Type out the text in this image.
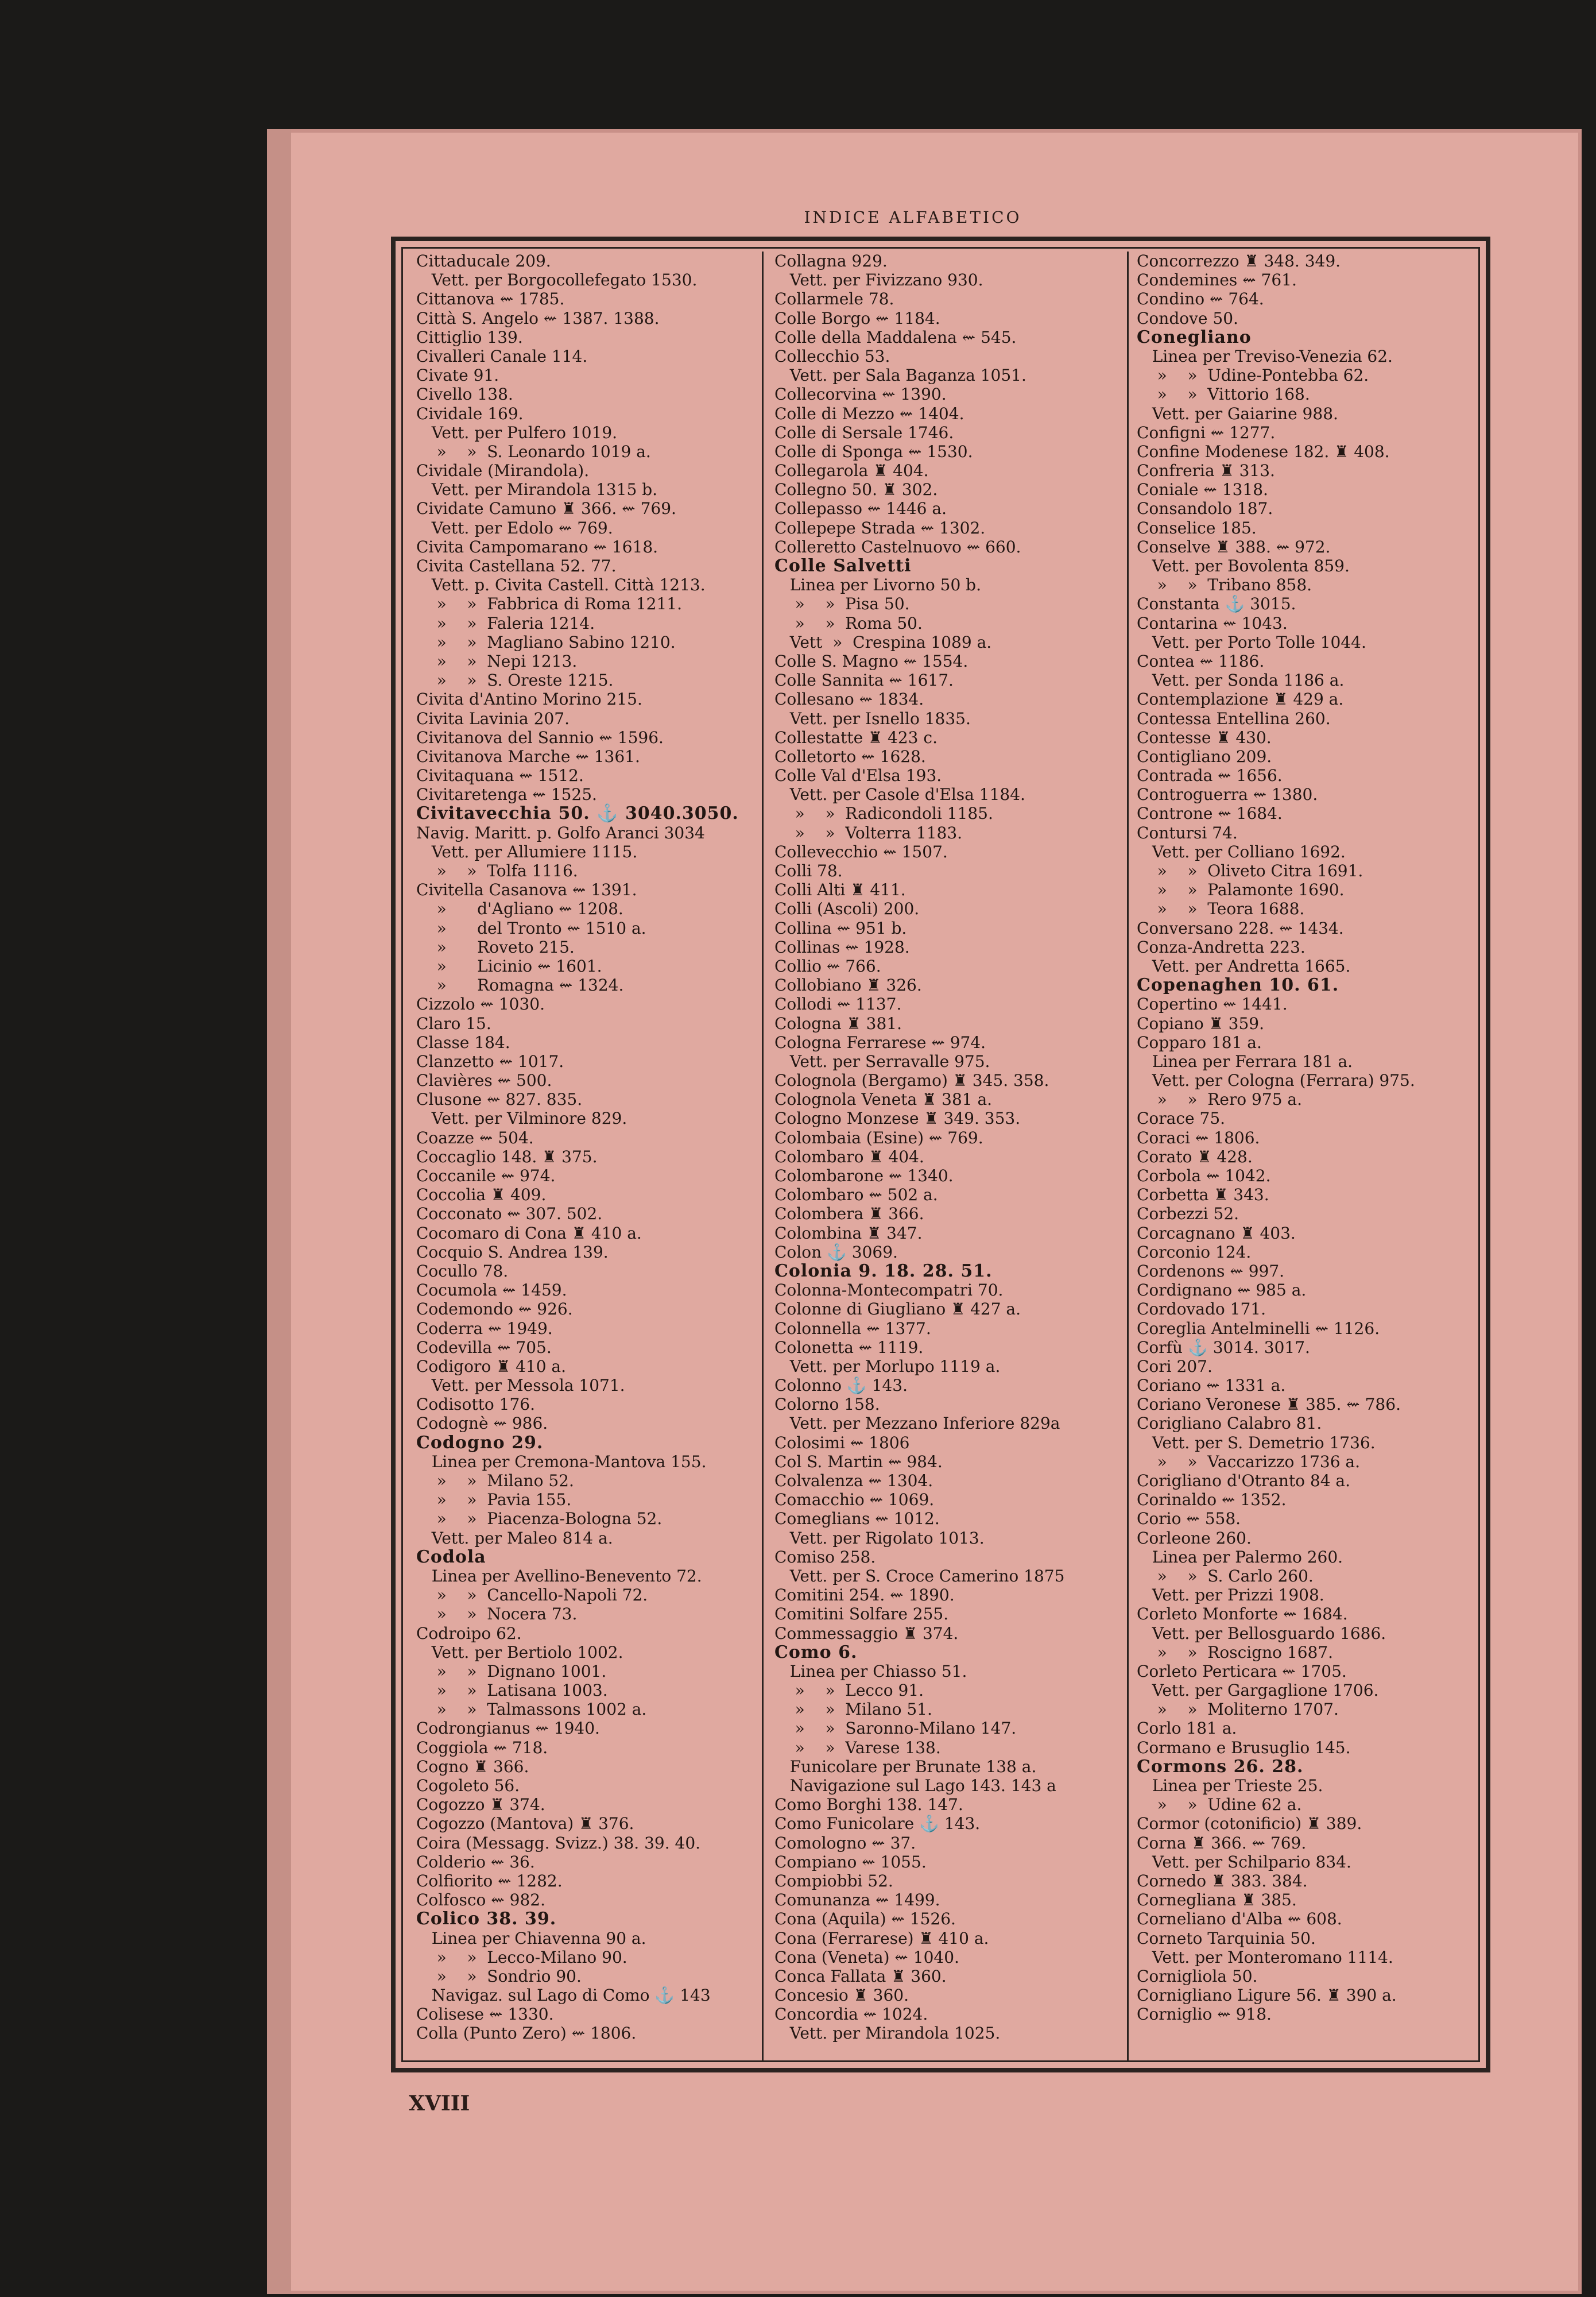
INDICE ALFABETICO
Cittaducale 209.
Vett. per Borgocollefegato 1530.
Cittanova ⇜ 1785.
Città S. Angelo ⇜ 1387. 1388.
Cittiglio 139.
Civalleri Canale 114.
Civate 91.
Civello 138.
Cividale 169.
Vett. per Pulfero 1019.
»    »  S. Leonardo 1019 a.
Cividale (Mirandola).
Vett. per Mirandola 1315 b.
Cividate Camuno ♜ 366. ⇜ 769.
Vett. per Edolo ⇜ 769.
Civita Campomarano ⇜ 1618.
Civita Castellana 52. 77.
Vett. p. Civita Castell. Città 1213.
»    »  Fabbrica di Roma 1211.
»    »  Faleria 1214.
»    »  Magliano Sabino 1210.
»    »  Nepi 1213.
»    »  S. Oreste 1215.
Civita d'Antino Morino 215.
Civita Lavinia 207.
Civitanova del Sannio ⇜ 1596.
Civitanova Marche ⇜ 1361.
Civitaquana ⇜ 1512.
Civitaretenga ⇜ 1525.
Civitavecchia 50. ⚓ 3040.3050.
Navig. Maritt. p. Golfo Aranci 3034
Vett. per Allumiere 1115.
»    »  Tolfa 1116.
Civitella Casanova ⇜ 1391.
»      d'Agliano ⇜ 1208.
»      del Tronto ⇜ 1510 a.
»      Roveto 215.
»      Licinio ⇜ 1601.
»      Romagna ⇜ 1324.
Cizzolo ⇜ 1030.
Claro 15.
Classe 184.
Clanzetto ⇜ 1017.
Clavières ⇜ 500.
Clusone ⇜ 827. 835.
Vett. per Vilminore 829.
Coazze ⇜ 504.
Coccaglio 148. ♜ 375.
Coccanile ⇜ 974.
Coccolia ♜ 409.
Cocconato ⇜ 307. 502.
Cocomaro di Cona ♜ 410 a.
Cocquio S. Andrea 139.
Cocullo 78.
Cocumola ⇜ 1459.
Codemondo ⇜ 926.
Coderra ⇜ 1949.
Codevilla ⇜ 705.
Codigoro ♜ 410 a.
Vett. per Messola 1071.
Codisotto 176.
Codognè ⇜ 986.
Codogno 29.
Linea per Cremona-Mantova 155.
»    »  Milano 52.
»    »  Pavia 155.
»    »  Piacenza-Bologna 52.
Vett. per Maleo 814 a.
Codola
Linea per Avellino-Benevento 72.
»    »  Cancello-Napoli 72.
»    »  Nocera 73.
Codroipo 62.
Vett. per Bertiolo 1002.
»    »  Dignano 1001.
»    »  Latisana 1003.
»    »  Talmassons 1002 a.
Codrongianus ⇜ 1940.
Coggiola ⇜ 718.
Cogno ♜ 366.
Cogoleto 56.
Cogozzo ♜ 374.
Cogozzo (Mantova) ♜ 376.
Coira (Messagg. Svizz.) 38. 39. 40.
Colderio ⇜ 36.
Colfiorito ⇜ 1282.
Colfosco ⇜ 982.
Colico 38. 39.
Linea per Chiavenna 90 a.
»    »  Lecco-Milano 90.
»    »  Sondrio 90.
Navigaz. sul Lago di Como ⚓ 143
Colisese ⇜ 1330.
Colla (Punto Zero) ⇜ 1806.
Collagna 929.
Vett. per Fivizzano 930.
Collarmele 78.
Colle Borgo ⇜ 1184.
Colle della Maddalena ⇜ 545.
Collecchio 53.
Vett. per Sala Baganza 1051.
Collecorvina ⇜ 1390.
Colle di Mezzo ⇜ 1404.
Colle di Sersale 1746.
Colle di Sponga ⇜ 1530.
Collegarola ♜ 404.
Collegno 50. ♜ 302.
Collepasso ⇜ 1446 a.
Collepepe Strada ⇜ 1302.
Colleretto Castelnuovo ⇜ 660.
Colle Salvetti
Linea per Livorno 50 b.
»    »  Pisa 50.
»    »  Roma 50.
Vett  »  Crespina 1089 a.
Colle S. Magno ⇜ 1554.
Colle Sannita ⇜ 1617.
Collesano ⇜ 1834.
Vett. per Isnello 1835.
Collestatte ♜ 423 c.
Colletorto ⇜ 1628.
Colle Val d'Elsa 193.
Vett. per Casole d'Elsa 1184.
»    »  Radicondoli 1185.
»    »  Volterra 1183.
Collevecchio ⇜ 1507.
Colli 78.
Colli Alti ♜ 411.
Colli (Ascoli) 200.
Collina ⇜ 951 b.
Collinas ⇜ 1928.
Collio ⇜ 766.
Collobiano ♜ 326.
Collodi ⇜ 1137.
Cologna ♜ 381.
Cologna Ferrarese ⇜ 974.
Vett. per Serravalle 975.
Colognola (Bergamo) ♜ 345. 358.
Colognola Veneta ♜ 381 a.
Cologno Monzese ♜ 349. 353.
Colombaia (Esine) ⇜ 769.
Colombaro ♜ 404.
Colombarone ⇜ 1340.
Colombaro ⇜ 502 a.
Colombera ♜ 366.
Colombina ♜ 347.
Colon ⚓ 3069.
Colonia 9. 18. 28. 51.
Colonna-Montecompatri 70.
Colonne di Giugliano ♜ 427 a.
Colonnella ⇜ 1377.
Colonetta ⇜ 1119.
Vett. per Morlupo 1119 a.
Colonno ⚓ 143.
Colorno 158.
Vett. per Mezzano Inferiore 829a
Colosimi ⇜ 1806
Col S. Martin ⇜ 984.
Colvalenza ⇜ 1304.
Comacchio ⇜ 1069.
Comeglians ⇜ 1012.
Vett. per Rigolato 1013.
Comiso 258.
Vett. per S. Croce Camerino 1875
Comitini 254. ⇜ 1890.
Comitini Solfare 255.
Commessaggio ♜ 374.
Como 6.
Linea per Chiasso 51.
»    »  Lecco 91.
»    »  Milano 51.
»    »  Saronno-Milano 147.
»    »  Varese 138.
Funicolare per Brunate 138 a.
Navigazione sul Lago 143. 143 a
Como Borghi 138. 147.
Como Funicolare ⚓ 143.
Comologno ⇜ 37.
Compiano ⇜ 1055.
Compiobbi 52.
Comunanza ⇜ 1499.
Cona (Aquila) ⇜ 1526.
Cona (Ferrarese) ♜ 410 a.
Cona (Veneta) ⇜ 1040.
Conca Fallata ♜ 360.
Concesio ♜ 360.
Concordia ⇜ 1024.
Vett. per Mirandola 1025.
Concorrezzo ♜ 348. 349.
Condemines ⇜ 761.
Condino ⇜ 764.
Condove 50.
Conegliano
Linea per Treviso-Venezia 62.
»    »  Udine-Pontebba 62.
»    »  Vittorio 168.
Vett. per Gaiarine 988.
Configni ⇜ 1277.
Confine Modenese 182. ♜ 408.
Confreria ♜ 313.
Coniale ⇜ 1318.
Consandolo 187.
Conselice 185.
Conselve ♜ 388. ⇜ 972.
Vett. per Bovolenta 859.
»    »  Tribano 858.
Constanta ⚓ 3015.
Contarina ⇜ 1043.
Vett. per Porto Tolle 1044.
Contea ⇜ 1186.
Vett. per Sonda 1186 a.
Contemplazione ♜ 429 a.
Contessa Entellina 260.
Contesse ♜ 430.
Contigliano 209.
Contrada ⇜ 1656.
Controguerra ⇜ 1380.
Controne ⇜ 1684.
Contursi 74.
Vett. per Colliano 1692.
»    »  Oliveto Citra 1691.
»    »  Palamonte 1690.
»    »  Teora 1688.
Conversano 228. ⇜ 1434.
Conza-Andretta 223.
Vett. per Andretta 1665.
Copenaghen 10. 61.
Copertino ⇜ 1441.
Copiano ♜ 359.
Copparo 181 a.
Linea per Ferrara 181 a.
Vett. per Cologna (Ferrara) 975.
»    »  Rero 975 a.
Corace 75.
Coraci ⇜ 1806.
Corato ♜ 428.
Corbola ⇜ 1042.
Corbetta ♜ 343.
Corbezzi 52.
Corcagnano ♜ 403.
Corconio 124.
Cordenons ⇜ 997.
Cordignano ⇜ 985 a.
Cordovado 171.
Coreglia Antelminelli ⇜ 1126.
Corfù ⚓ 3014. 3017.
Cori 207.
Coriano ⇜ 1331 a.
Coriano Veronese ♜ 385. ⇜ 786.
Corigliano Calabro 81.
Vett. per S. Demetrio 1736.
»    »  Vaccarizzo 1736 a.
Corigliano d'Otranto 84 a.
Corinaldo ⇜ 1352.
Corio ⇜ 558.
Corleone 260.
Linea per Palermo 260.
»    »  S. Carlo 260.
Vett. per Prizzi 1908.
Corleto Monforte ⇜ 1684.
Vett. per Bellosguardo 1686.
»    »  Roscigno 1687.
Corleto Perticara ⇜ 1705.
Vett. per Gargaglione 1706.
»    »  Moliterno 1707.
Corlo 181 a.
Cormano e Brusuglio 145.
Cormons 26. 28.
Linea per Trieste 25.
»    »  Udine 62 a.
Cormor (cotonificio) ♜ 389.
Corna ♜ 366. ⇜ 769.
Vett. per Schilpario 834.
Cornedo ♜ 383. 384.
Cornegliana ♜ 385.
Corneliano d'Alba ⇜ 608.
Corneto Tarquinia 50.
Vett. per Monteromano 1114.
Cornigliola 50.
Cornigliano Ligure 56. ♜ 390 a.
Corniglio ⇜ 918.
XVIII
